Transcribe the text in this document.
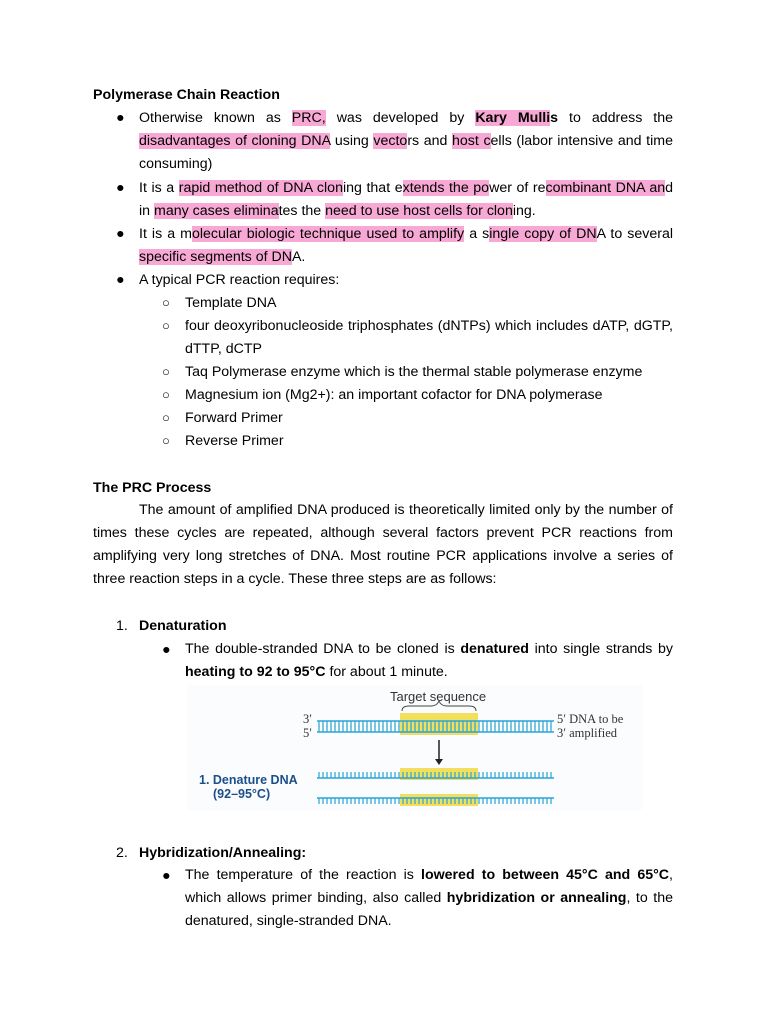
Polymerase Chain Reaction
● Otherwise known as PRC, was developed by Kary Mullis to address the
disadvantages of cloning DNA using vectors and host cells (labor intensive and time
consuming)
● It is a rapid method of DNA cloning that extends the power of recombinant DNA and
in many cases eliminates the need to use host cells for cloning.
● It is a molecular biologic technique used to amplify a single copy of DNA to several
specific segments of DNA.
● A typical PCR reaction requires:
○ Template DNA
○ four deoxyribonucleoside triphosphates (dNTPs) which includes dATP, dGTP,
dTTP, dCTP
○ Taq Polymerase enzyme which is the thermal stable polymerase enzyme
○ Magnesium ion (Mg2+): an important cofactor for DNA polymerase
○ Forward Primer
○ Reverse Primer
The PRC Process
The amount of amplified DNA produced is theoretically limited only by the number of
times these cycles are repeated, although several factors prevent PCR reactions from
amplifying very long stretches of DNA. Most routine PCR applications involve a series of
three reaction steps in a cycle. These three steps are as follows:
1. Denaturation
● The double-stranded DNA to be cloned is denatured into single strands by
heating to 92 to 95°C for about 1 minute.
Target sequence
3′
5′
5′ DNA to be
3′ amplified
1. Denature DNA
(92–95°C)
2. Hybridization/Annealing:
● The temperature of the reaction is lowered to between 45°C and 65°C,
which allows primer binding, also called hybridization or annealing, to the
denatured, single-stranded DNA.
